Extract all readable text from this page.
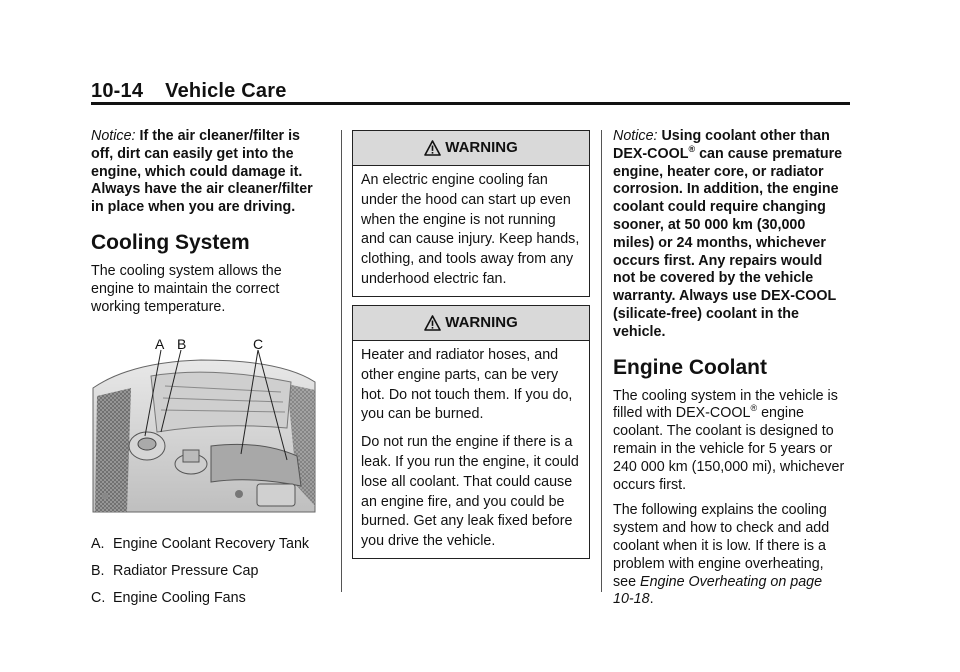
10-14 Vehicle Care

Notice: If the air cleaner/filter is off, dirt can easily get into the engine, which could damage it. Always have the air cleaner/filter in place when you are driving.

Cooling System

The cooling system allows the engine to maintain the correct working temperature.

A B	C
A. Engine Coolant Recovery Tank
B. Radiator Pressure Cap
C. Engine Cooling Fans
WARNING

An electric engine cooling fan under the hood can start up even when the engine is not running and can cause injury. Keep hands, clothing, and tools away from any underhood electric fan.

WARNING

Heater and radiator hoses, and other engine parts, can be very hot. Do not touch them. If you do, you can be burned.

Do not run the engine if there is a leak. If you run the engine, it could lose all coolant. That could cause an engine fire, and you could be burned. Get any leak fixed before you drive the vehicle.

Notice: Using coolant other than DEX-COOL® can cause premature engine, heater core, or radiator corrosion. In addition, the engine coolant could require changing sooner, at 50 000 km (30,000 miles) or 24 months, whichever occurs first. Any repairs would not be covered by the vehicle warranty. Always use DEX-COOL (silicate-free) coolant in the vehicle.

Engine Coolant

The cooling system in the vehicle is filled with DEX-COOL® engine coolant. The coolant is designed to remain in the vehicle for 5 years or 240 000 km (150,000 mi), whichever occurs first.

The following explains the cooling system and how to check and add coolant when it is low. If there is a problem with engine overheating, see Engine Overheating on page 10-18.
